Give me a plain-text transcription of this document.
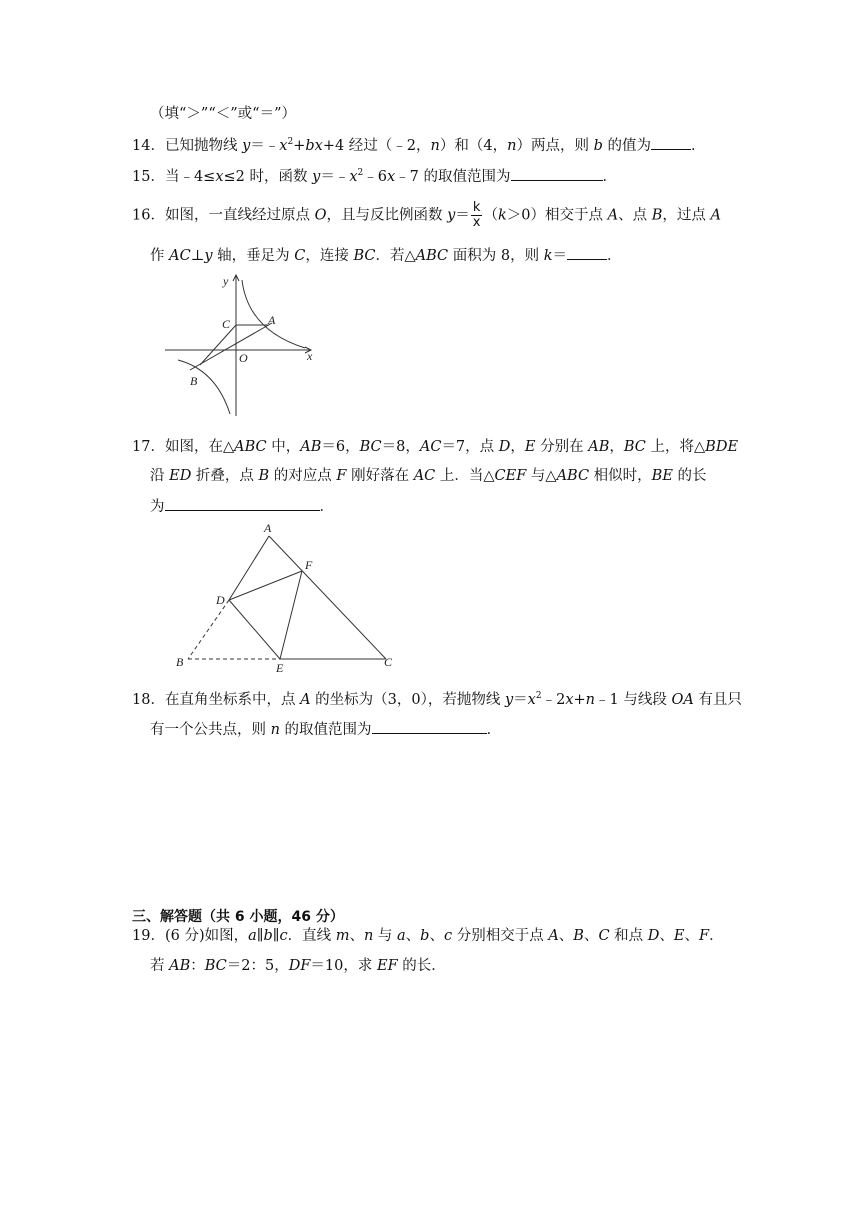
（填“＞”“＜”或“＝”）
14．已知抛物线 $y=﹣x^2+bx+4$ 经过（﹣2，n）和（4，n）两点，则 b 的值为	．
15．当﹣4≤x≤2 时，函数 $y=﹣x^2﹣6x﹣7$ 的取值范围为	．
16．如图，一直线经过原点 O，且与反比例函数 $y= \frac{k}{x} (k>0)$相交于点 A、点 B，过点 A
作 AC⊥y 轴，垂足为 C，连接 BC．若△ABC 面积为 8，则 k＝	．
y
x
C	A
O
B
17．如图，在△ABC 中，AB＝6，BC＝8，AC＝7，点 D，E 分别在 AB，BC 上，将△BDE
沿 ED 折叠，点 B 的对应点 F 刚好落在 AC 上．当△CEF 与△ABC 相似时，BE 的长
为	．
A
F
D
B	E	C
18．在直角坐标系中，点 A 的坐标为（3，0），若抛物线 $y=x^2﹣2x+n﹣1$ 与线段 OA 有且只
有一个公共点，则 n 的取值范围为	．
三、解答题（共 6 小题，46 分）
19．(6 分)如图，a∥b∥c．直线 m、n 与 a、b、c 分别相交于点 A、B、C 和点 D、E、F．
若 AB：BC＝2：5，DF＝10，求 EF 的长．
